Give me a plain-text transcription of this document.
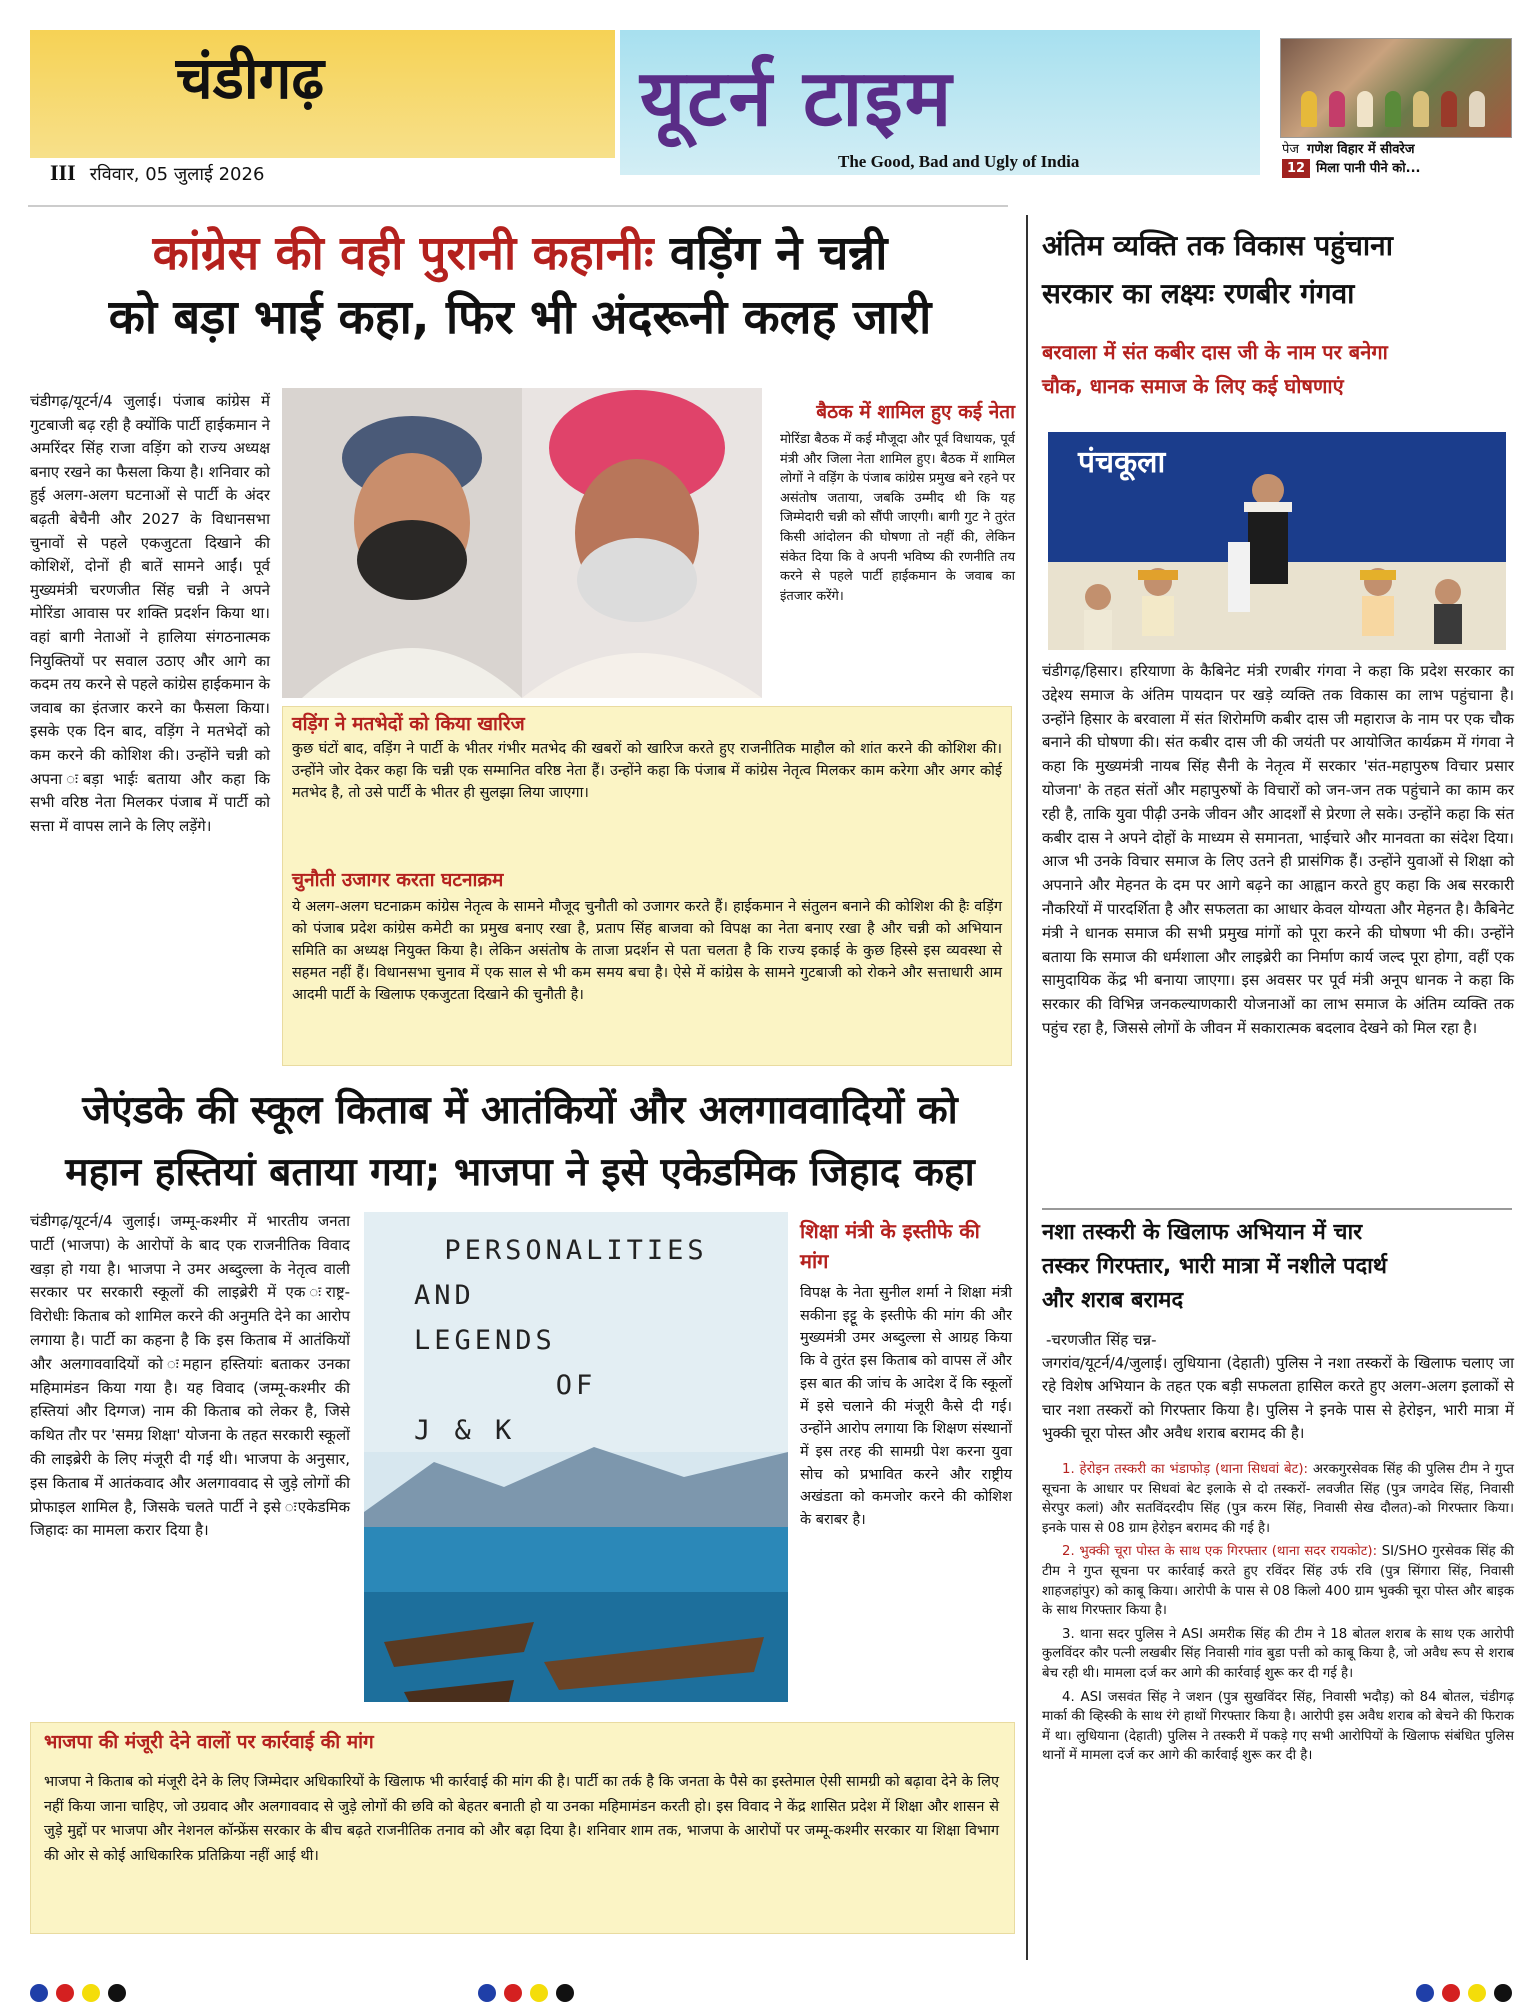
चंडीगढ़	यूटर्न टाइम
The Good, Bad and Ugly of India
III रविवार, 05 जुलाई 2026
पेज गणेश विहार में सीवरेज
12 मिला पानी पीने को...
कांग्रेस की वही पुरानी कहानीः वड़िंग ने चन्नी
को बड़ा भाई कहा, फिर भी अंदरूनी कलह जारी
चंडीगढ़/यूटर्न/4 जुलाई। पंजाब कांग्रेस में गुटबाजी बढ़ रही है क्योंकि पार्टी हाईकमान ने अमरिंदर सिंह राजा वड़िंग को राज्य अध्यक्ष बनाए रखने का फैसला किया है। शनिवार को हुई अलग-अलग घटनाओं से पार्टी के अंदर बढ़ती बेचैनी और 2027 के विधानसभा चुनावों से पहले एकजुटता दिखाने की कोशिशें, दोनों ही बातें सामने आईं। पूर्व मुख्यमंत्री चरणजीत सिंह चन्नी ने अपने मोरिंडा आवास पर शक्ति प्रदर्शन किया था। वहां बागी नेताओं ने हालिया संगठनात्मक नियुक्तियों पर सवाल उठाए और आगे का कदम तय करने से पहले कांग्रेस हाईकमान के जवाब का इंतजार करने का फैसला किया। इसके एक दिन बाद, वड़िंग ने मतभेदों को कम करने की कोशिश की। उन्होंने चन्नी को अपना ःबड़ा भाईः बताया और कहा कि सभी वरिष्ठ नेता मिलकर पंजाब में पार्टी को सत्ता में वापस लाने के लिए लड़ेंगे।
बैठक में शामिल हुए कई नेता
मोरिंडा बैठक में कई मौजूदा और पूर्व विधायक, पूर्व मंत्री और जिला नेता शामिल हुए। बैठक में शामिल लोगों ने वड़िंग के पंजाब कांग्रेस प्रमुख बने रहने पर असंतोष जताया, जबकि उम्मीद थी कि यह जिम्मेदारी चन्नी को सौंपी जाएगी। बागी गुट ने तुरंत किसी आंदोलन की घोषणा तो नहीं की, लेकिन संकेत दिया कि वे अपनी भविष्य की रणनीति तय करने से पहले पार्टी हाईकमान के जवाब का इंतजार करेंगे।
वड़िंग ने मतभेदों को किया खारिज
कुछ घंटों बाद, वड़िंग ने पार्टी के भीतर गंभीर मतभेद की खबरों को खारिज करते हुए राजनीतिक माहौल को शांत करने की कोशिश की। उन्होंने जोर देकर कहा कि चन्नी एक सम्मानित वरिष्ठ नेता हैं। उन्होंने कहा कि पंजाब में कांग्रेस नेतृत्व मिलकर काम करेगा और अगर कोई मतभेद है, तो उसे पार्टी के भीतर ही सुलझा लिया जाएगा।
चुनौती उजागर करता घटनाक्रम
ये अलग-अलग घटनाक्रम कांग्रेस नेतृत्व के सामने मौजूद चुनौती को उजागर करते हैं। हाईकमान ने संतुलन बनाने की कोशिश की हैः वड़िंग को पंजाब प्रदेश कांग्रेस कमेटी का प्रमुख बनाए रखा है, प्रताप सिंह बाजवा को विपक्ष का नेता बनाए रखा है और चन्नी को अभियान समिति का अध्यक्ष नियुक्त किया है। लेकिन असंतोष के ताजा प्रदर्शन से पता चलता है कि राज्य इकाई के कुछ हिस्से इस व्यवस्था से सहमत नहीं हैं। विधानसभा चुनाव में एक साल से भी कम समय बचा है। ऐसे में कांग्रेस के सामने गुटबाजी को रोकने और सत्ताधारी आम आदमी पार्टी के खिलाफ एकजुटता दिखाने की चुनौती है।
जेएंडके की स्कूल किताब में आतंकियों और अलगाववादियों को
महान हस्तियां बताया गया; भाजपा ने इसे एकेडमिक जिहाद कहा
चंडीगढ़/यूटर्न/4 जुलाई। जम्मू-कश्मीर में भारतीय जनता पार्टी (भाजपा) के आरोपों के बाद एक राजनीतिक विवाद खड़ा हो गया है। भाजपा ने उमर अब्दुल्ला के नेतृत्व वाली सरकार पर सरकारी स्कूलों की लाइब्रेरी में एक ःराष्ट्र-विरोधीः किताब को शामिल करने की अनुमति देने का आरोप लगाया है। पार्टी का कहना है कि इस किताब में आतंकियों और अलगाववादियों को ःमहान हस्तियांः बताकर उनका महिमामंडन किया गया है। यह विवाद (जम्मू-कश्मीर की हस्तियां और दिग्गज) नाम की किताब को लेकर है, जिसे कथित तौर पर 'समग्र शिक्षा' योजना के तहत सरकारी स्कूलों की लाइब्रेरी के लिए मंजूरी दी गई थी। भाजपा के अनुसार, इस किताब में आतंकवाद और अलगाववाद से जुड़े लोगों की प्रोफाइल शामिल है, जिसके चलते पार्टी ने इसे ःएकेडमिक जिहादः का मामला करार दिया है।
PERSONALITIES
AND
LEGENDS
OF
J & K
शिक्षा मंत्री के इस्तीफे की मांग
विपक्ष के नेता सुनील शर्मा ने शिक्षा मंत्री सकीना इट्टू के इस्तीफे की मांग की और मुख्यमंत्री उमर अब्दुल्ला से आग्रह किया कि वे तुरंत इस किताब को वापस लें और इस बात की जांच के आदेश दें कि स्कूलों में इसे चलाने की मंजूरी कैसे दी गई। उन्होंने आरोप लगाया कि शिक्षण संस्थानों में इस तरह की सामग्री पेश करना युवा सोच को प्रभावित करने और राष्ट्रीय अखंडता को कमजोर करने की कोशिश के बराबर है।
भाजपा की मंजूरी देने वालों पर कार्रवाई की मांग
भाजपा ने किताब को मंजूरी देने के लिए जिम्मेदार अधिकारियों के खिलाफ भी कार्रवाई की मांग की है। पार्टी का तर्क है कि जनता के पैसे का इस्तेमाल ऐसी सामग्री को बढ़ावा देने के लिए नहीं किया जाना चाहिए, जो उग्रवाद और अलगाववाद से जुड़े लोगों की छवि को बेहतर बनाती हो या उनका महिमामंडन करती हो। इस विवाद ने केंद्र शासित प्रदेश में शिक्षा और शासन से जुड़े मुद्दों पर भाजपा और नेशनल कॉन्फ्रेंस सरकार के बीच बढ़ते राजनीतिक तनाव को और बढ़ा दिया है। शनिवार शाम तक, भाजपा के आरोपों पर जम्मू-कश्मीर सरकार या शिक्षा विभाग की ओर से कोई आधिकारिक प्रतिक्रिया नहीं आई थी।
अंतिम व्यक्ति तक विकास पहुंचाना
सरकार का लक्ष्यः रणबीर गंगवा
बरवाला में संत कबीर दास जी के नाम पर बनेगा
चौक, धानक समाज के लिए कई घोषणाएं
पंचकूला
चंडीगढ़/हिसार। हरियाणा के कैबिनेट मंत्री रणबीर गंगवा ने कहा कि प्रदेश सरकार का उद्देश्य समाज के अंतिम पायदान पर खड़े व्यक्ति तक विकास का लाभ पहुंचाना है। उन्होंने हिसार के बरवाला में संत शिरोमणि कबीर दास जी महाराज के नाम पर एक चौक बनाने की घोषणा की। संत कबीर दास जी की जयंती पर आयोजित कार्यक्रम में गंगवा ने कहा कि मुख्यमंत्री नायब सिंह सैनी के नेतृत्व में सरकार 'संत-महापुरुष विचार प्रसार योजना' के तहत संतों और महापुरुषों के विचारों को जन-जन तक पहुंचाने का काम कर रही है, ताकि युवा पीढ़ी उनके जीवन और आदर्शों से प्रेरणा ले सके। उन्होंने कहा कि संत कबीर दास ने अपने दोहों के माध्यम से समानता, भाईचारे और मानवता का संदेश दिया। आज भी उनके विचार समाज के लिए उतने ही प्रासंगिक हैं। उन्होंने युवाओं से शिक्षा को अपनाने और मेहनत के दम पर आगे बढ़ने का आह्वान करते हुए कहा कि अब सरकारी नौकरियों में पारदर्शिता है और सफलता का आधार केवल योग्यता और मेहनत है। कैबिनेट मंत्री ने धानक समाज की सभी प्रमुख मांगों को पूरा करने की घोषणा भी की। उन्होंने बताया कि समाज की धर्मशाला और लाइब्रेरी का निर्माण कार्य जल्द पूरा होगा, वहीं एक सामुदायिक केंद्र भी बनाया जाएगा। इस अवसर पर पूर्व मंत्री अनूप धानक ने कहा कि सरकार की विभिन्न जनकल्याणकारी योजनाओं का लाभ समाज के अंतिम व्यक्ति तक पहुंच रहा है, जिससे लोगों के जीवन में सकारात्मक बदलाव देखने को मिल रहा है।
नशा तस्करी के खिलाफ अभियान में चार
तस्कर गिरफ्तार, भारी मात्रा में नशीले पदार्थ
और शराब बरामद
-चरणजीत सिंह चन्न-
जगरांव/यूटर्न/4/जुलाई। लुधियाना (देहाती) पुलिस ने नशा तस्करों के खिलाफ चलाए जा रहे विशेष अभियान के तहत एक बड़ी सफलता हासिल करते हुए अलग-अलग इलाकों से चार नशा तस्करों को गिरफ्तार किया है। पुलिस ने इनके पास से हेरोइन, भारी मात्रा में भुक्की चूरा पोस्त और अवैध शराब बरामद की है।
1. हेरोइन तस्करी का भंडाफोड़ (थाना सिधवां बेट): अरकगुरसेवक सिंह की पुलिस टीम ने गुप्त सूचना के आधार पर सिधवां बेट इलाके से दो तस्करों- लवजीत सिंह (पुत्र जगदेव सिंह, निवासी सेरपुर कलां) और सतविंदरदीप सिंह (पुत्र करम सिंह, निवासी सेख दौलत)-को गिरफ्तार किया। इनके पास से 08 ग्राम हेरोइन बरामद की गई है।
2. भुक्की चूरा पोस्त के साथ एक गिरफ्तार (थाना सदर रायकोट): SI/SHO गुरसेवक सिंह की टीम ने गुप्त सूचना पर कार्रवाई करते हुए रविंदर सिंह उर्फ रवि (पुत्र सिंगारा सिंह, निवासी शाहजहांपुर) को काबू किया। आरोपी के पास से 08 किलो 400 ग्राम भुक्की चूरा पोस्त और बाइक के साथ गिरफ्तार किया है।
3. थाना सदर पुलिस ने ASI अमरीक सिंह की टीम ने 18 बोतल शराब के साथ एक आरोपी कुलविंदर कौर पत्नी लखबीर सिंह निवासी गांव बुडा पत्ती को काबू किया है, जो अवैध रूप से शराब बेच रही थी। मामला दर्ज कर आगे की कार्रवाई शुरू कर दी गई है।
4. ASI जसवंत सिंह ने जशन (पुत्र सुखविंदर सिंह, निवासी भदौड़) को 84 बोतल, चंडीगढ़ मार्का की व्हिस्की के साथ रंगे हाथों गिरफ्तार किया है। आरोपी इस अवैध शराब को बेचने की फिराक में था। लुधियाना (देहाती) पुलिस ने तस्करी में पकड़े गए सभी आरोपियों के खिलाफ संबंधित पुलिस थानों में मामला दर्ज कर आगे की कार्रवाई शुरू कर दी है।
